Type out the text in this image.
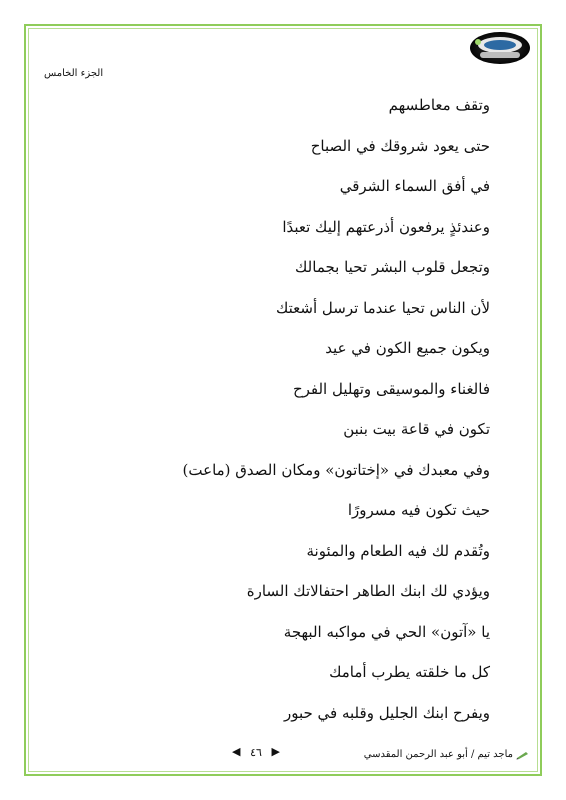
الجزء الخامس
وتقف معاطسهم
حتى يعود شروقك في الصباح
في أفق السماء الشرقي
وعندئذٍ يرفعون أذرعتهم إليك تعبدًا
وتجعل قلوب البشر تحيا بجمالك
لأن الناس تحيا عندما ترسل أشعتك
ويكون جميع الكون في عيد
فالغناء والموسيقى وتهليل الفرح
تكون في قاعة بيت بنبن
وفي معبدك في «إختاتون» ومكان الصدق (ماعت)
حيث تكون فيه مسرورًا
وتُقدم لك فيه الطعام والمئونة
ويؤدي لك ابنك الطاهر احتفالاتك السارة
يا «آتون» الحي في مواكبه البهجة
كل ما خلقته يطرب أمامك
ويفرح ابنك الجليل وقلبه في حبور
◀ ٤٦ ▶	ماجد تيم / أبو عبد الرحمن المقدسي
